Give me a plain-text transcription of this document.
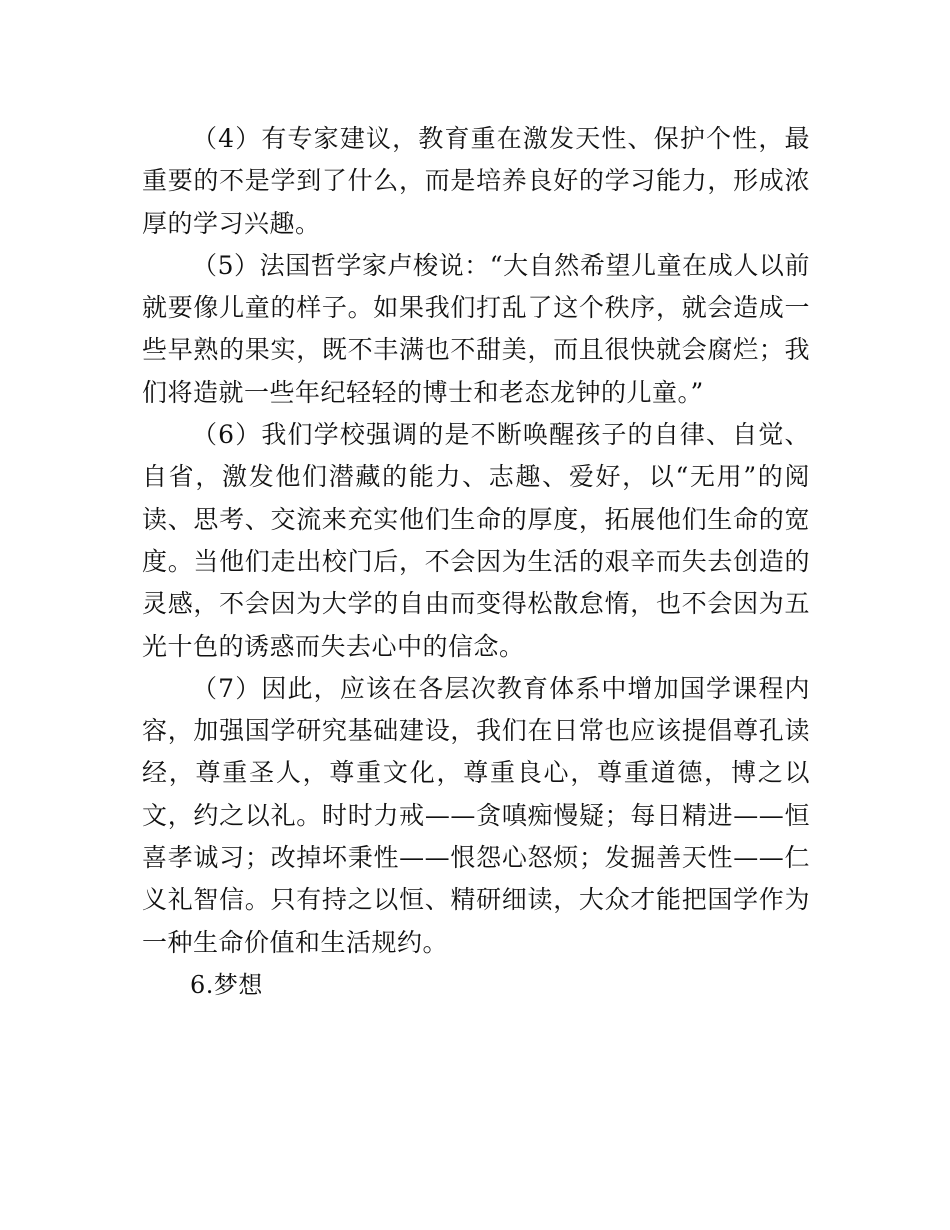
（4）有专家建议，教育重在激发天性、保护个性，最重要的不是学到了什么，而是培养良好的学习能力，形成浓厚的学习兴趣。

（5）法国哲学家卢梭说：“大自然希望儿童在成人以前就要像儿童的样子。如果我们打乱了这个秩序，就会造成一些早熟的果实，既不丰满也不甜美，而且很快就会腐烂；我们将造就一些年纪轻轻的博士和老态龙钟的儿童。”

（6）我们学校强调的是不断唤醒孩子的自律、自觉、自省，激发他们潜藏的能力、志趣、爱好，以“无用”的阅读、思考、交流来充实他们生命的厚度，拓展他们生命的宽度。当他们走出校门后，不会因为生活的艰辛而失去创造的灵感，不会因为大学的自由而变得松散怠惰，也不会因为五光十色的诱惑而失去心中的信念。

（7）因此，应该在各层次教育体系中增加国学课程内容，加强国学研究基础建设，我们在日常也应该提倡尊孔读经，尊重圣人，尊重文化，尊重良心，尊重道德，博之以文，约之以礼。时时力戒——贪嗔痴慢疑；每日精进——恒喜孝诚习；改掉坏秉性——恨怨心怒烦；发掘善天性——仁义礼智信。只有持之以恒、精研细读，大众才能把国学作为一种生命价值和生活规约。

6.梦想
